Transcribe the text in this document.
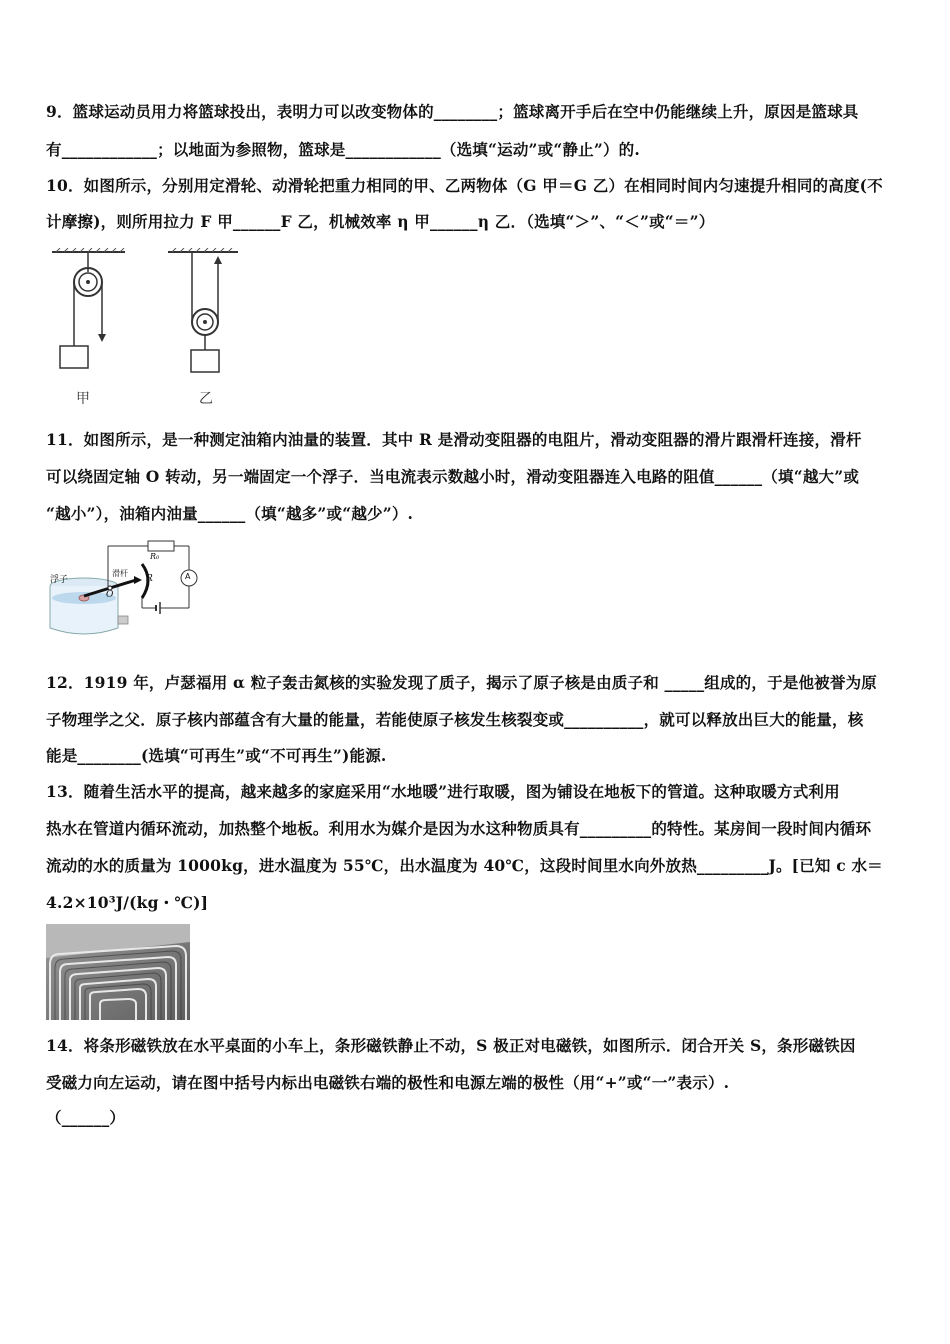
9．篮球运动员用力将篮球投出，表明力可以改变物体的________；篮球离开手后在空中仍能继续上升，原因是篮球具
有____________；以地面为参照物，篮球是____________（选填“运动”或“静止”）的.
10．如图所示，分别用定滑轮、动滑轮把重力相同的甲、乙两物体（G 甲＝G 乙）在相同时间内匀速提升相同的高度(不
计摩擦)，则所用拉力 F 甲______F 乙，机械效率 η 甲______η 乙．（选填“＞”、“＜”或“＝”）
甲	乙
11．如图所示，是一种测定油箱内油量的装置．其中 R 是滑动变阻器的电阻片，滑动变阻器的滑片跟滑杆连接，滑杆
可以绕固定轴 O 转动，另一端固定一个浮子．当电流表示数越小时，滑动变阻器连入电路的阻值______（填“越大”或
“越小”），油箱内油量______（填“越多”或“越少”）.
浮子
滑杆
R₀
R
O
A
12．1919 年，卢瑟福用 α 粒子轰击氮核的实验发现了质子，揭示了原子核是由质子和 _____组成的，于是他被誉为原
子物理学之父．原子核内部蕴含有大量的能量，若能使原子核发生核裂变或__________，就可以释放出巨大的能量，核
能是________(选填“可再生”或“不可再生”)能源.
13．随着生活水平的提高，越来越多的家庭采用“水地暖”进行取暖，图为铺设在地板下的管道。这种取暖方式利用
热水在管道内循环流动，加热整个地板。利用水为媒介是因为水这种物质具有_________的特性。某房间一段时间内循环
流动的水的质量为 1000kg，进水温度为 55℃，出水温度为 40℃，这段时间里水向外放热_________J。[已知 c 水＝
4.2×10³J/(kg・℃)]
14．将条形磁铁放在水平桌面的小车上，条形磁铁静止不动，S 极正对电磁铁，如图所示．闭合开关 S，条形磁铁因
受磁力向左运动，请在图中括号内标出电磁铁右端的极性和电源左端的极性（用“+”或“一”表示）.
（______）
